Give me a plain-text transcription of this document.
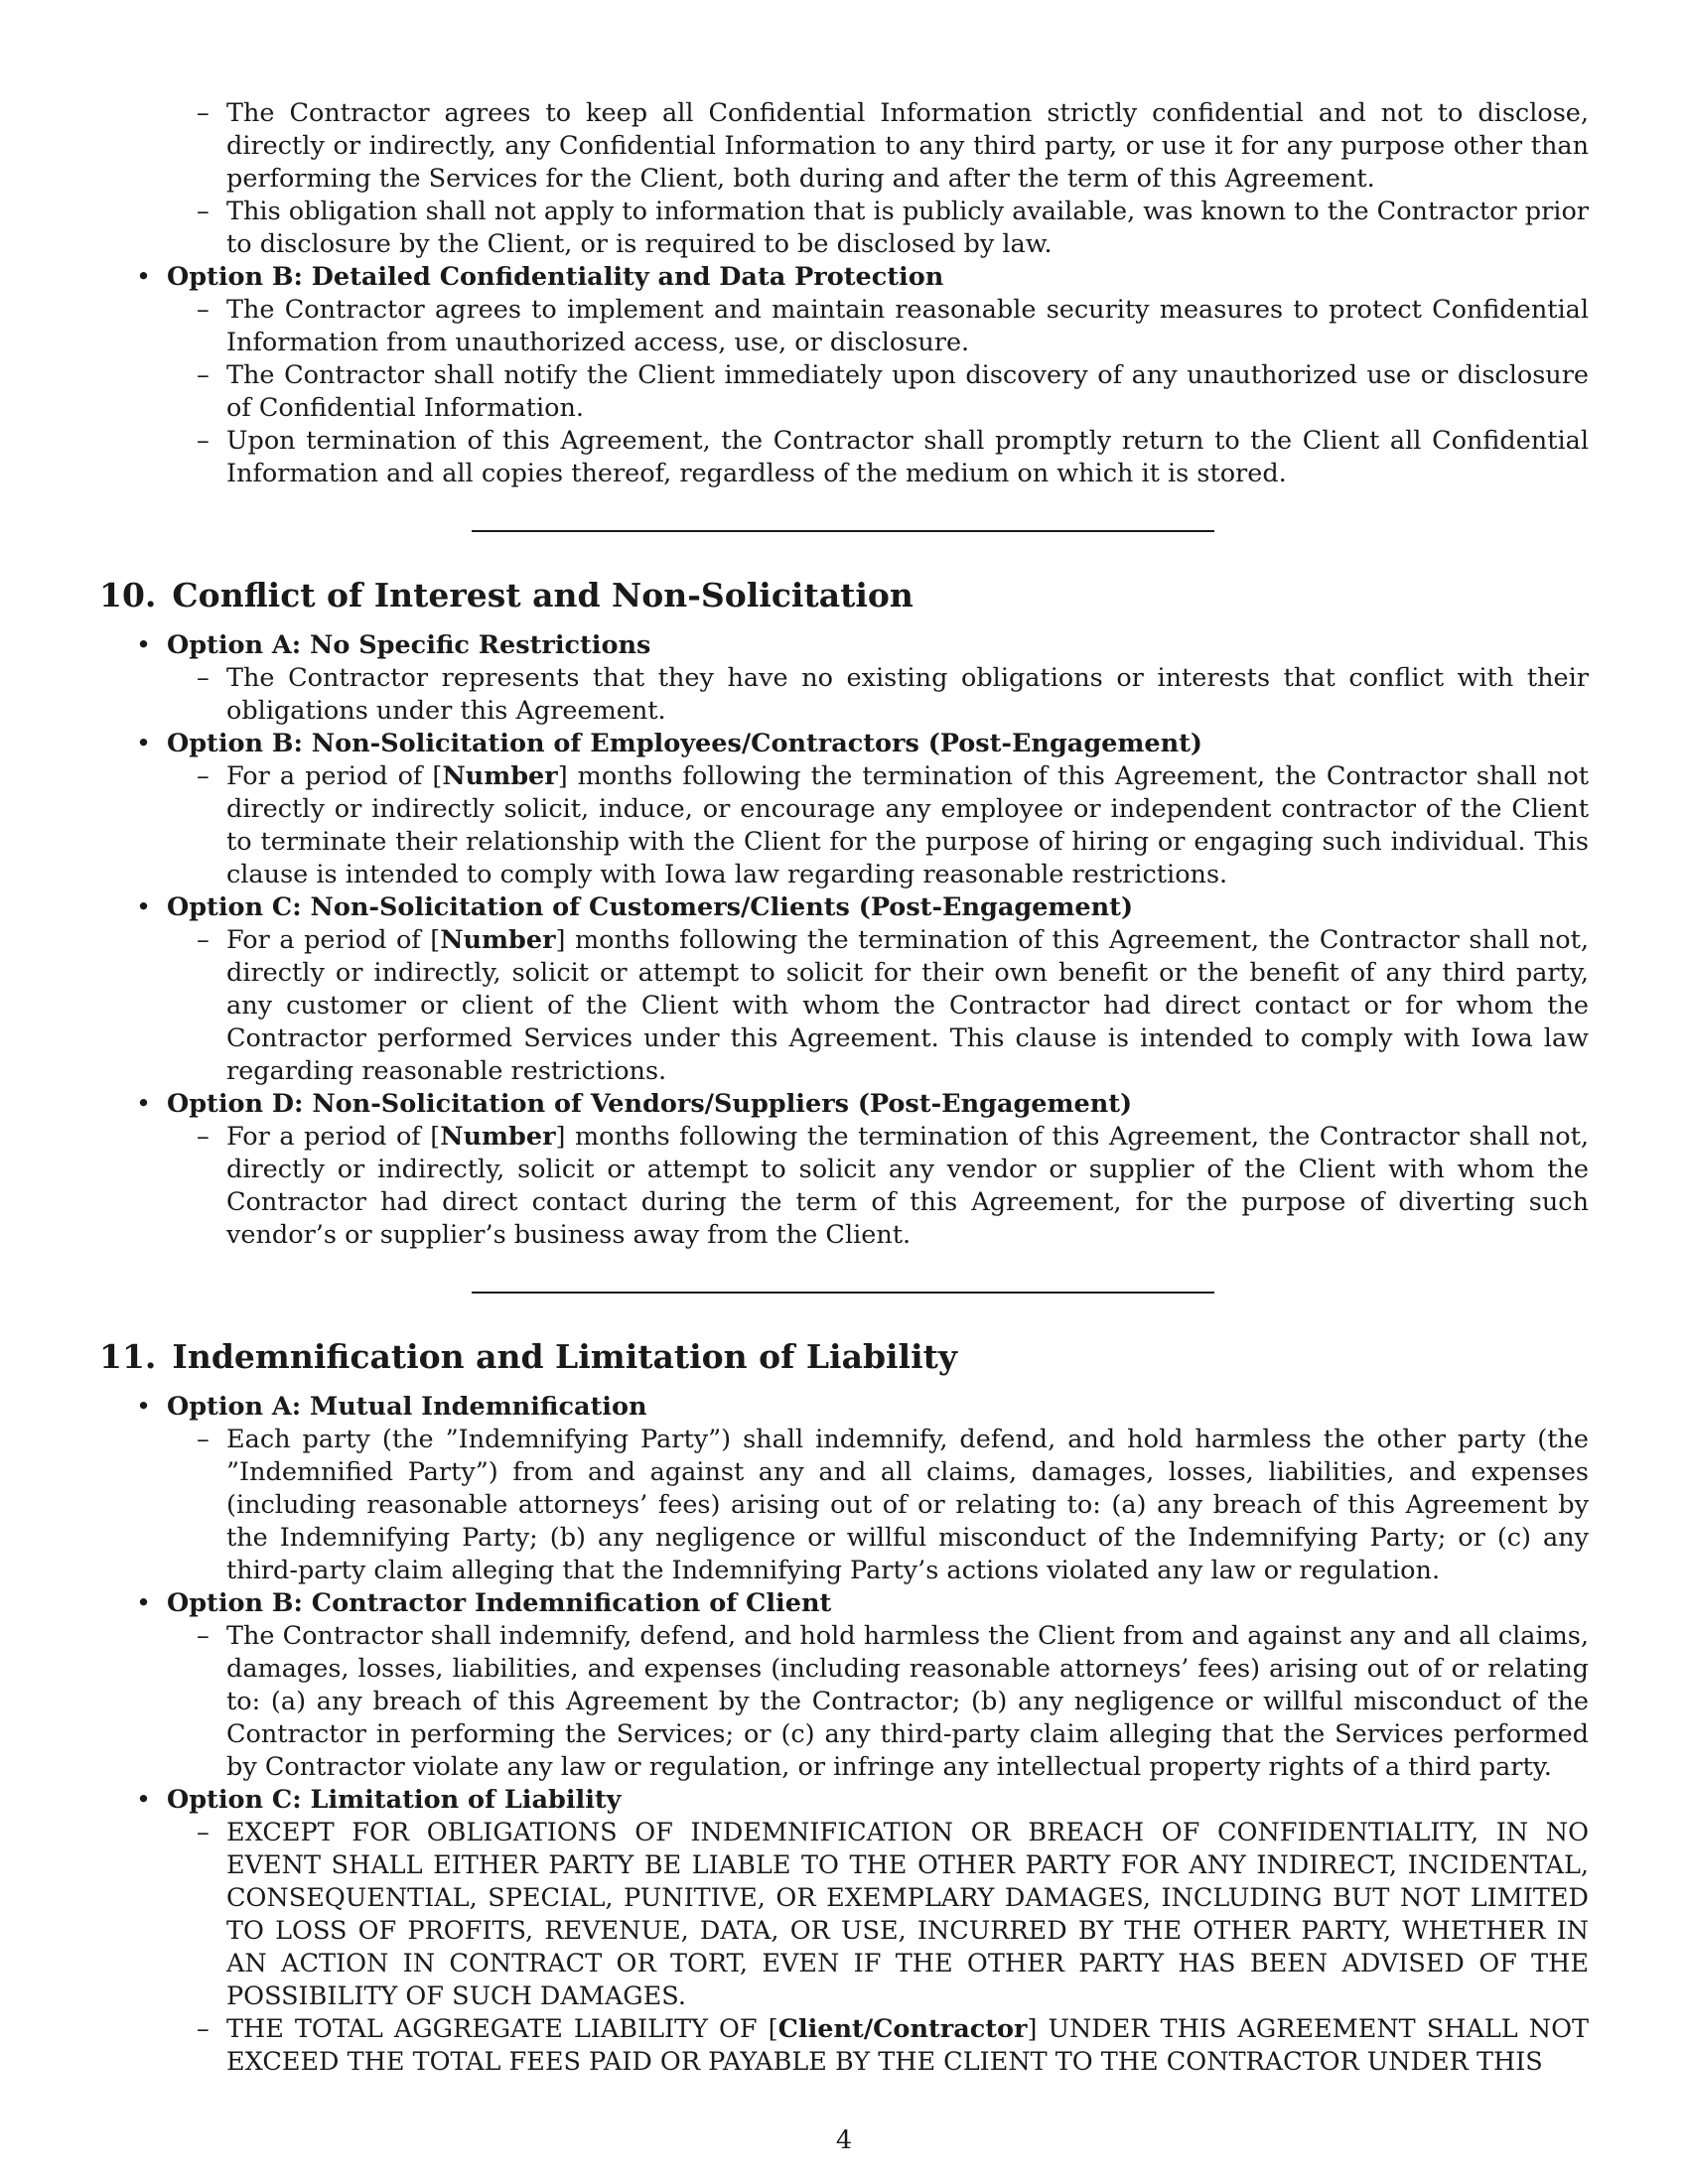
– The Contractor agrees to keep all Confidential Information strictly confidential and not to disclose, directly or indirectly, any Confidential Information to any third party, or use it for any purpose other than performing the Services for the Client, both during and after the term of this Agreement.
– This obligation shall not apply to information that is publicly available, was known to the Contractor prior to disclosure by the Client, or is required to be disclosed by law.
• Option B: Detailed Confidentiality and Data Protection
– The Contractor agrees to implement and maintain reasonable security measures to protect Confidential Information from unauthorized access, use, or disclosure.
– The Contractor shall notify the Client immediately upon discovery of any unauthorized use or disclosure of Confidential Information.
– Upon termination of this Agreement, the Contractor shall promptly return to the Client all Confidential Information and all copies thereof, regardless of the medium on which it is stored.
10. Conflict of Interest and Non-Solicitation
• Option A: No Specific Restrictions
– The Contractor represents that they have no existing obligations or interests that conflict with their obligations under this Agreement.
• Option B: Non-Solicitation of Employees/Contractors (Post-Engagement)
– For a period of [Number] months following the termination of this Agreement, the Contractor shall not directly or indirectly solicit, induce, or encourage any employee or independent contractor of the Client to terminate their relationship with the Client for the purpose of hiring or engaging such individual. This clause is intended to comply with Iowa law regarding reasonable restrictions.
• Option C: Non-Solicitation of Customers/Clients (Post-Engagement)
– For a period of [Number] months following the termination of this Agreement, the Contractor shall not, directly or indirectly, solicit or attempt to solicit for their own benefit or the benefit of any third party, any customer or client of the Client with whom the Contractor had direct contact or for whom the Contractor performed Services under this Agreement. This clause is intended to comply with Iowa law regarding reasonable restrictions.
• Option D: Non-Solicitation of Vendors/Suppliers (Post-Engagement)
– For a period of [Number] months following the termination of this Agreement, the Contractor shall not, directly or indirectly, solicit or attempt to solicit any vendor or supplier of the Client with whom the Contractor had direct contact during the term of this Agreement, for the purpose of diverting such vendor’s or supplier’s business away from the Client.
11. Indemnification and Limitation of Liability
• Option A: Mutual Indemnification
– Each party (the ”Indemnifying Party”) shall indemnify, defend, and hold harmless the other party (the ”Indemnified Party”) from and against any and all claims, damages, losses, liabilities, and expenses (including reasonable attorneys’ fees) arising out of or relating to: (a) any breach of this Agreement by the Indemnifying Party; (b) any negligence or willful misconduct of the Indemnifying Party; or (c) any third-party claim alleging that the Indemnifying Party’s actions violated any law or regulation.
• Option B: Contractor Indemnification of Client
– The Contractor shall indemnify, defend, and hold harmless the Client from and against any and all claims, damages, losses, liabilities, and expenses (including reasonable attorneys’ fees) arising out of or relating to: (a) any breach of this Agreement by the Contractor; (b) any negligence or willful misconduct of the Contractor in performing the Services; or (c) any third-party claim alleging that the Services performed by Contractor violate any law or regulation, or infringe any intellectual property rights of a third party.
• Option C: Limitation of Liability
– EXCEPT FOR OBLIGATIONS OF INDEMNIFICATION OR BREACH OF CONFIDENTIALITY, IN NO EVENT SHALL EITHER PARTY BE LIABLE TO THE OTHER PARTY FOR ANY INDIRECT, INCIDENTAL, CONSEQUENTIAL, SPECIAL, PUNITIVE, OR EXEMPLARY DAMAGES, INCLUDING BUT NOT LIMITED TO LOSS OF PROFITS, REVENUE, DATA, OR USE, INCURRED BY THE OTHER PARTY, WHETHER IN AN ACTION IN CONTRACT OR TORT, EVEN IF THE OTHER PARTY HAS BEEN ADVISED OF THE POSSIBILITY OF SUCH DAMAGES.
– THE TOTAL AGGREGATE LIABILITY OF [Client/Contractor] UNDER THIS AGREEMENT SHALL NOT EXCEED THE TOTAL FEES PAID OR PAYABLE BY THE CLIENT TO THE CONTRACTOR UNDER THIS
4
